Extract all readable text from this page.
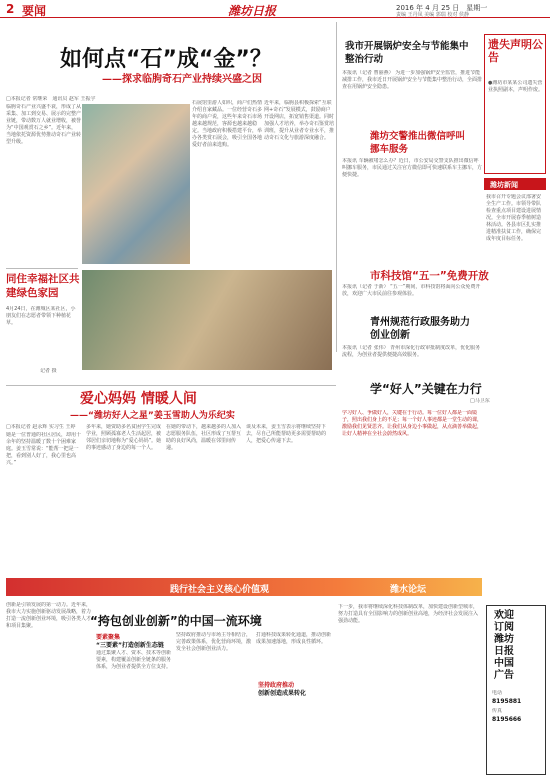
2 要闻	潍坊日报	2016 年 4 月 25 日　星期一
责编 王丹凤 美编 郭瑞 校对 侯静
如何点“石”成“金”？
——探求临朐奇石产业持续兴盛之因
□本报记者 常继荣　通讯员 赵军 王振宇
临朐奇石产业兴盛不衰，形成了从采集、加工到交易、展示的完整产业链，带动数万人就业增收，被誉为“中国观赏石之乡”。近年来，当地依托资源优势推动奇石产业转型升级。
石展馆里游人如织，商户们热情介绍自家藏品。一位经营奇石多年的商户说，这些年来奇石市场越来越规范，客源也越来越稳定。当地政府积极搭建平台，举办各类赏石展会，吸引全国各地爱好者前来选购。
近年来，临朐县积极探索“互联网+奇石”发展模式，鼓励商户开设网店，拓宽销售渠道。同时加强人才培养，举办奇石鉴赏培训班，提升从业者专业水平，推动奇石文化与旅游深度融合。
我市开展锅炉安全与节能集中整治行动
本报讯（记者 曹丽燕） 为进一步加强锅炉安全监管，推进节能减排工作，我市近日开展锅炉安全与节能集中整治行动，全面排查在用锅炉安全隐患。
潍坊交警推出微信呼叫挪车服务
本报讯 车辆被堵怎么办？近日，市公安局交警支队推出微信呼叫挪车服务，市民通过关注官方微信即可快速联系车主挪车，方便快捷。
遗失声明公告
●潍坊市某某公司遗失营业执照副本，声明作废。
潍坊新闻
我市召开专题会议部署安全生产工作。市领导带队检查重点项目建设进展情况。全市开展春季植树造林活动。各县市区扎实推进精准扶贫工作，确保完成年度目标任务。
市科技馆“五一”免费开放
本报讯（记者 于新） “五一”期间，市科技馆将面向公众免费开放，欢迎广大市民前往参观体验。
青州规范行政服务助力创业创新
本报讯（记者 张伟） 青州市深化行政审批制度改革，优化服务流程，为创业者提供便捷高效服务。
学“好人”关键在力行
□马卫东
学习好人、争做好人，关键在于行动。每一位好人都是一面镜子，照出我们身上的不足；每一个好人事迹都是一堂生动的课，激励我们见贤思齐。让我们从身边小事做起，从点滴善举做起，让好人精神在全社会蔚然成风。
同住幸福社区共建绿色家园
4月24日，在潍城区某社区，小朋友们在志愿者带领下种植花草。
记者 摄
爱心妈妈 情暖人间
——“潍坊好人之星”姜玉雪助人为乐纪实
□本报记者 赵永辉 实习生 王婷
她是一位普通的社区居民，却用十余年的坚持温暖了数十个困难家庭。姜玉雪常说：“能帮一把是一把，看到别人好了，我心里也高兴。”
多年来，她资助多名贫困学生完成学业，照顾孤寡老人生活起居，被邻居们亲切地称为“爱心妈妈”。她的事迹感动了身边的每一个人。
在她的带动下，越来越多的人加入志愿服务队伍，社区形成了互帮互助的良好风尚，温暖在邻里间传递。
谈及未来，姜玉雪表示将继续坚持下去，尽自己所能帮助更多需要帮助的人，把爱心传递下去。
践行社会主义核心价值观	潍水论坛
“挎包创业创新”的中国一流环境
创新是引领发展的第一动力。近年来，我市大力实施创新驱动发展战略，着力打造一流创新创业环境，吸引各类人才和项目集聚。
要素聚集
“三要素”打造创新生态链
通过集聚人才、资本、技术等创新要素，构建覆盖创新全链条的服务体系，为创业者提供全方位支持。
坚持政府推动与市场主导相结合，完善政策体系，优化营商环境，激发全社会创新创业活力。
坚持政府推动
创新创造成果转化
打通科技成果转化通道，推动创新成果加速落地，形成良性循环。
下一步，我市将继续深化科技体制改革，加快建设创新型城市，努力打造具有全国影响力的创新创业高地，为经济社会发展注入强劲动能。	欢迎
订阅
潍坊
日报
中国
广告
电话
8195881
传真
8195666
